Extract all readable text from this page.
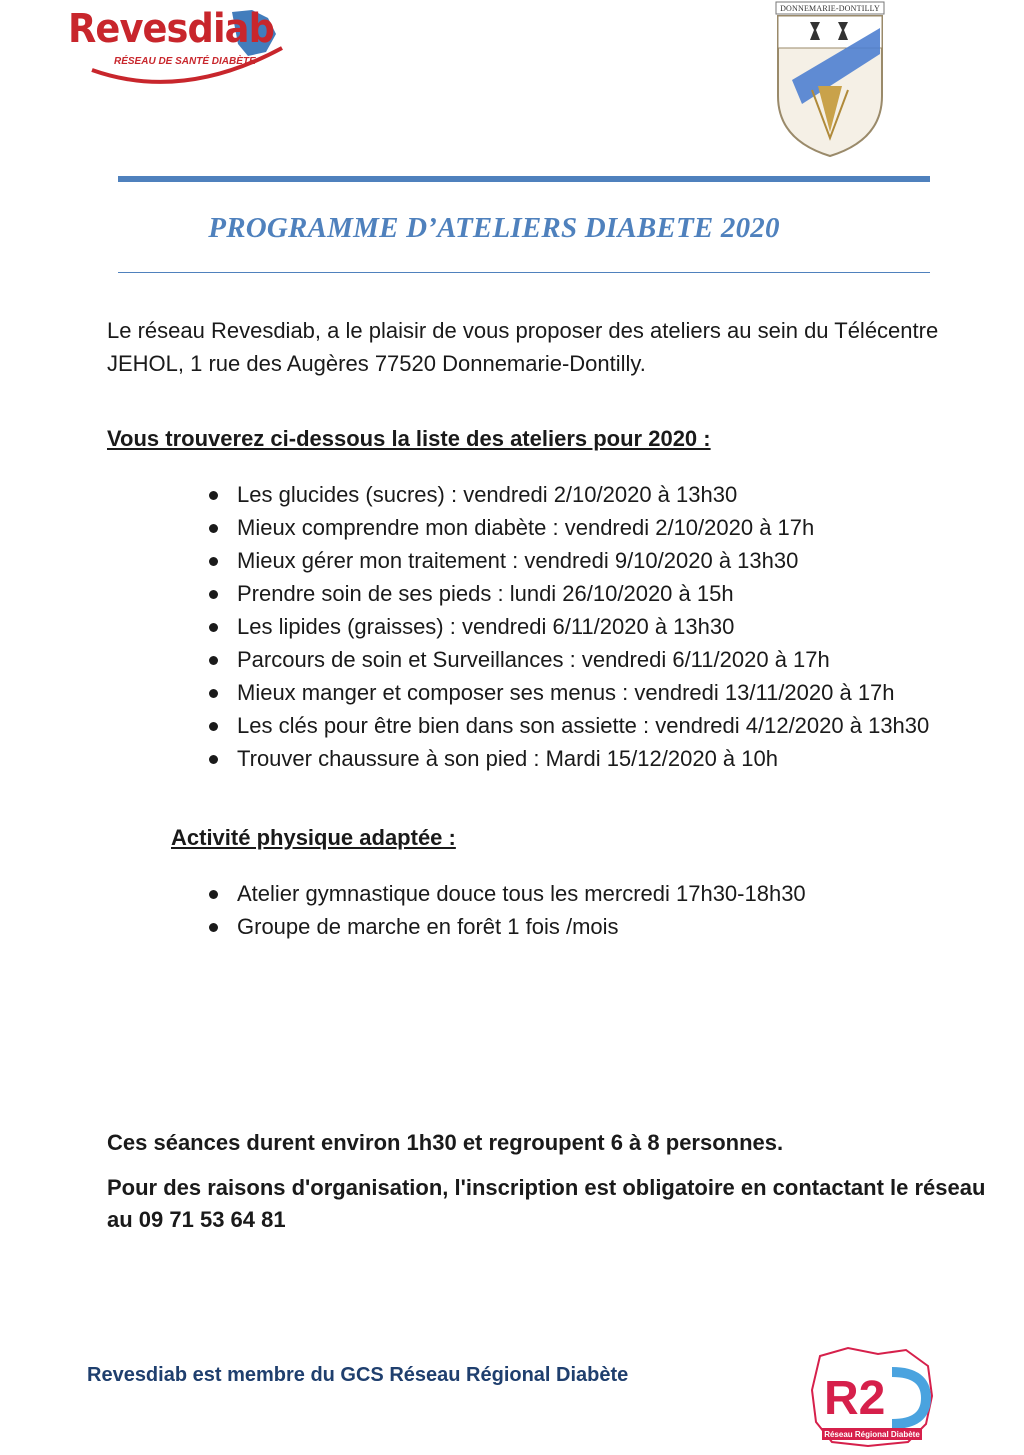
Revesdiab
RÉSEAU DE SANTÉ DIABÈTE
DONNEMARIE-DONTILLY
PROGRAMME D’ATELIERS DIABETE 2020
Le réseau Revesdiab, a le plaisir de vous proposer des ateliers au sein du Télécentre JEHOL, 1 rue des Augères 77520 Donnemarie-Dontilly.
Vous trouverez ci-dessous la liste des ateliers pour 2020 :
Les glucides (sucres) : vendredi 2/10/2020 à 13h30
Mieux comprendre mon diabète : vendredi 2/10/2020 à 17h
Mieux gérer mon traitement : vendredi 9/10/2020 à 13h30
Prendre soin de ses pieds : lundi 26/10/2020 à 15h
Les lipides (graisses) : vendredi 6/11/2020 à 13h30
Parcours de soin et Surveillances : vendredi 6/11/2020 à 17h
Mieux manger et composer ses menus : vendredi 13/11/2020 à 17h
Les clés pour être bien dans son assiette : vendredi 4/12/2020 à 13h30
Trouver chaussure à son pied : Mardi 15/12/2020 à 10h
Activité physique adaptée :
Atelier gymnastique douce tous les mercredi 17h30-18h30
Groupe de marche en forêt 1 fois /mois
Ces séances durent environ 1h30 et regroupent 6 à 8 personnes.
Pour des raisons d'organisation, l'inscription est obligatoire en contactant le réseau au 09 71 53 64 81
Revesdiab est membre du GCS Réseau Régional Diabète	R2
Réseau Régional Diabète
